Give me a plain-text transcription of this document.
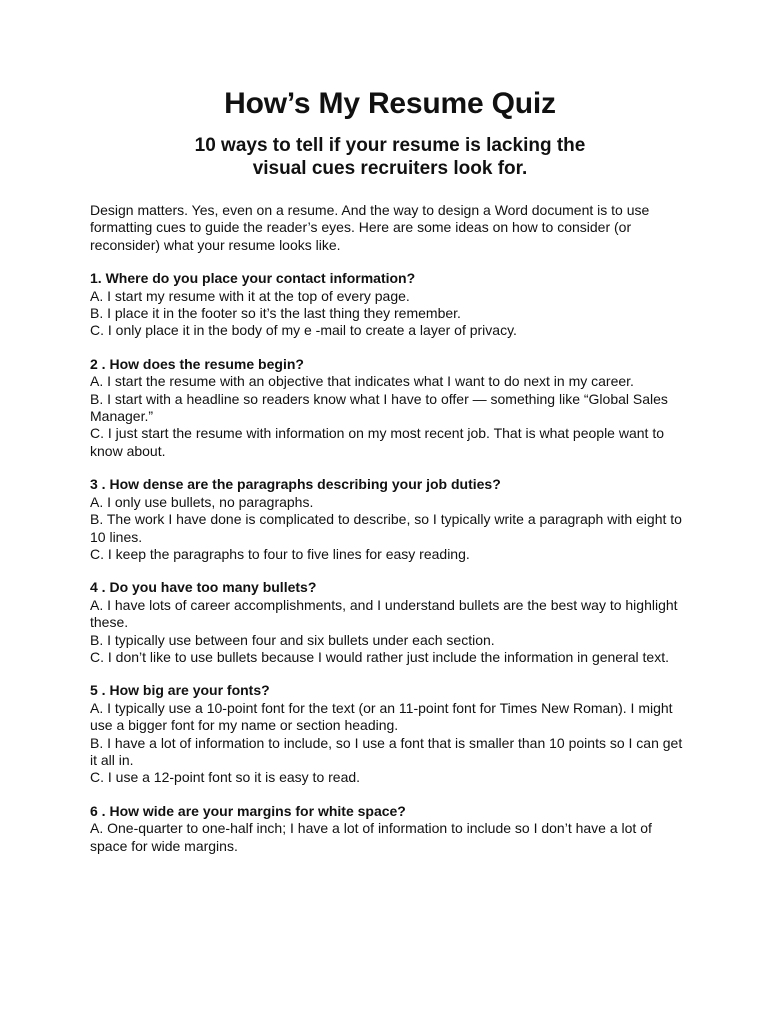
How’s My Resume Quiz
10 ways to tell if your resume is lacking the
visual cues recruiters look for.

Design matters. Yes, even on a resume. And the way to design a Word document is to use formatting cues to guide the reader’s eyes. Here are some ideas on how to consider (or reconsider) what your resume looks like.

1. Where do you place your contact information?

A. I start my resume with it at the top of every page.

B. I place it in the footer so it’s the last thing they remember.

C. I only place it in the body of my e -mail to create a layer of privacy.

2 . How does the resume begin?

A. I start the resume with an objective that indicates what I want to do next in my career.

B. I start with a headline so readers know what I have to offer — something like “Global Sales Manager.”

C. I just start the resume with information on my most recent job. That is what people want to know about.

3 . How dense are the paragraphs describing your job duties?

A. I only use bullets, no paragraphs.

B. The work I have done is complicated to describe, so I typically write a paragraph with eight to 10 lines.

C. I keep the paragraphs to four to five lines for easy reading.

4 . Do you have too many bullets?

A. I have lots of career accomplishments, and I understand bullets are the best way to highlight these.

B. I typically use between four and six bullets under each section.

C. I don’t like to use bullets because I would rather just include the information in general text.

5 . How big are your fonts?

A. I typically use a 10-point font for the text (or an 11-point font for Times New Roman). I might use a bigger font for my name or section heading.

B. I have a lot of information to include, so I use a font that is smaller than 10 points so I can get it all in.

C. I use a 12-point font so it is easy to read.

6 . How wide are your margins for white space?

A. One-quarter to one-half inch; I have a lot of information to include so I don’t have a lot of space for wide margins.
